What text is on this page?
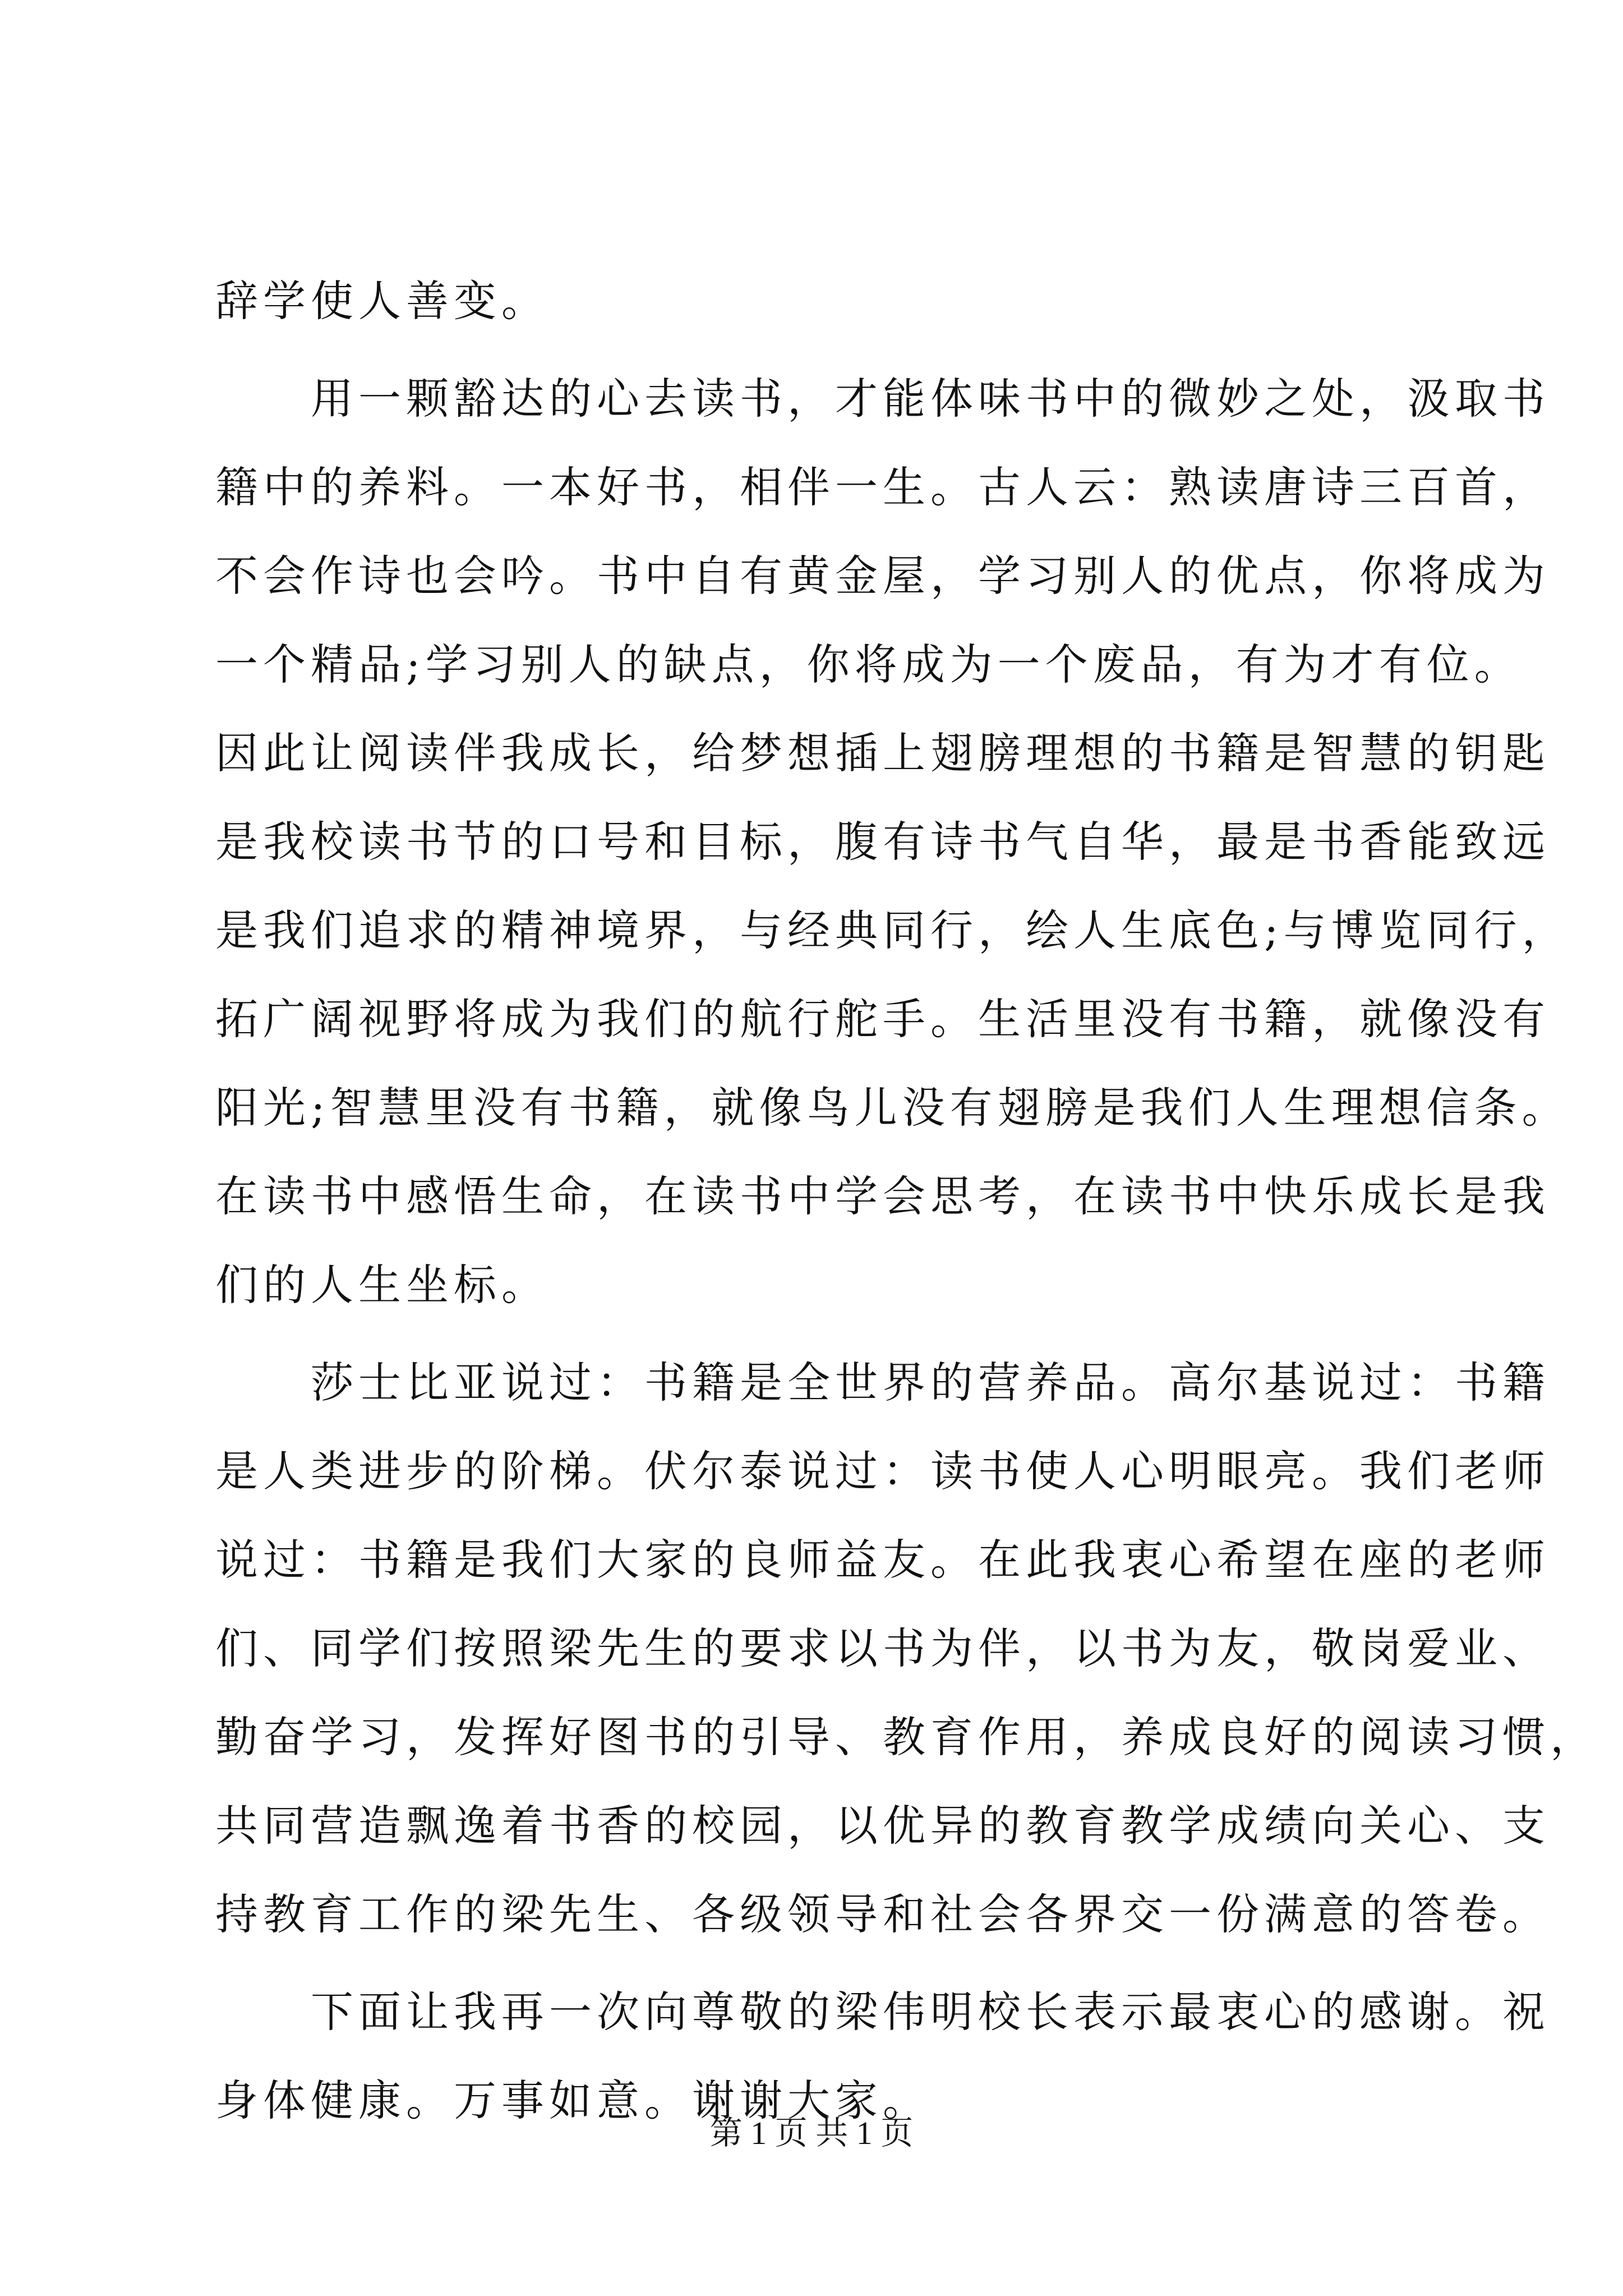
辞学使人善变。
用一颗豁达的心去读书，才能体味书中的微妙之处，汲取书
籍中的养料。一本好书，相伴一生。古人云：熟读唐诗三百首，
不会作诗也会吟。书中自有黄金屋，学习别人的优点，你将成为
一个精品;学习别人的缺点，你将成为一个废品，有为才有位。
因此让阅读伴我成长，给梦想插上翅膀理想的书籍是智慧的钥匙
是我校读书节的口号和目标，腹有诗书气自华，最是书香能致远
是我们追求的精神境界，与经典同行，绘人生底色;与博览同行，
拓广阔视野将成为我们的航行舵手。生活里没有书籍，就像没有
阳光;智慧里没有书籍，就像鸟儿没有翅膀是我们人生理想信条。
在读书中感悟生命，在读书中学会思考，在读书中快乐成长是我
们的人生坐标。
莎士比亚说过：书籍是全世界的营养品。高尔基说过：书籍
是人类进步的阶梯。伏尔泰说过：读书使人心明眼亮。我们老师
说过：书籍是我们大家的良师益友。在此我衷心希望在座的老师
们、同学们按照梁先生的要求以书为伴，以书为友，敬岗爱业、
勤奋学习，发挥好图书的引导、教育作用，养成良好的阅读习惯，
共同营造飘逸着书香的校园，以优异的教育教学成绩向关心、支
持教育工作的梁先生、各级领导和社会各界交一份满意的答卷。
下面让我再一次向尊敬的梁伟明校长表示最衷心的感谢。祝
身体健康。万事如意。谢谢大家。
第 1 页 共 1 页
